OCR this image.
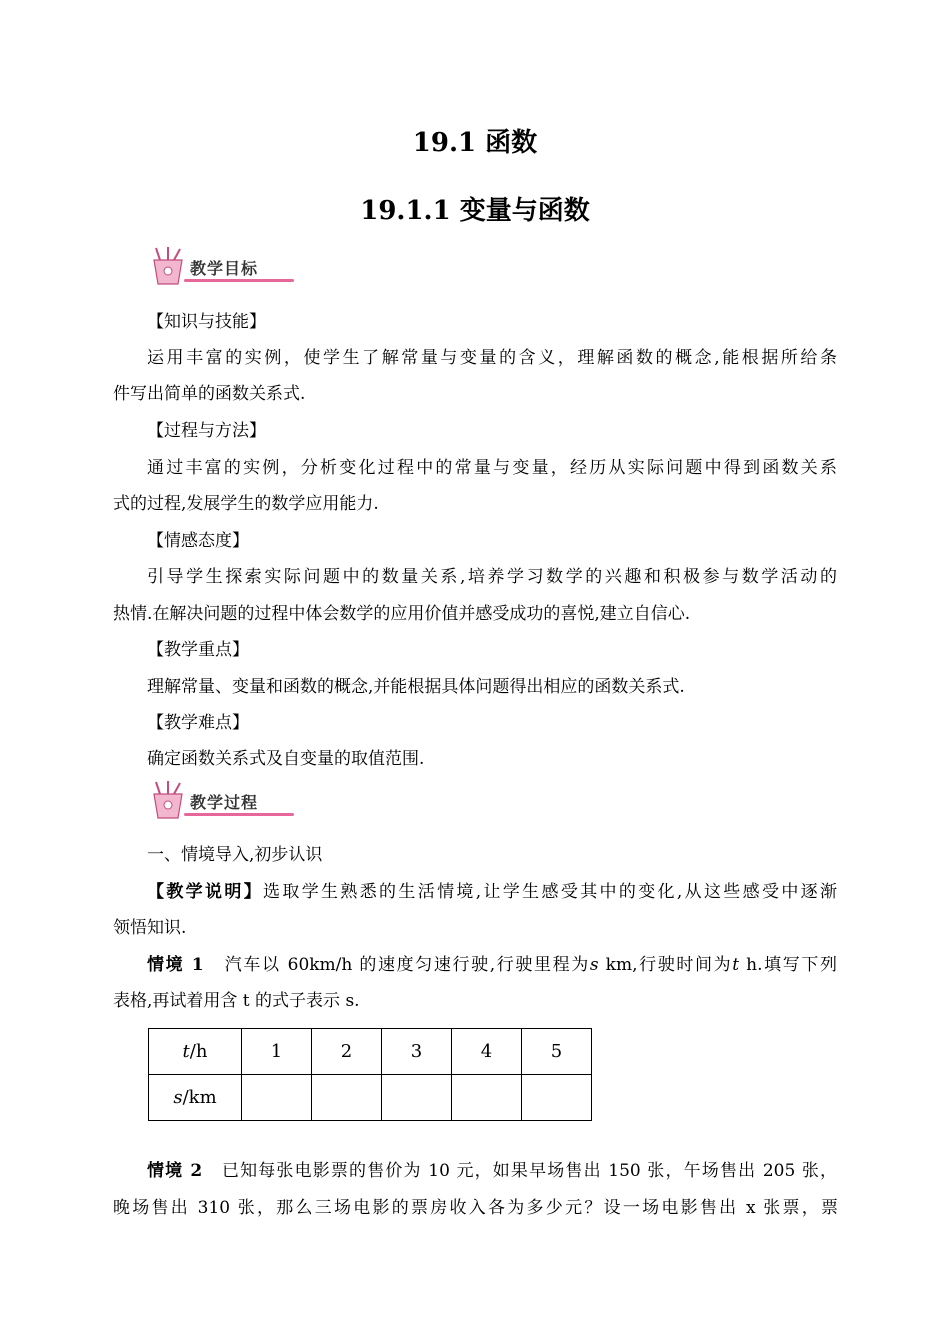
19.1 函数
19.1.1 变量与函数
教学目标
【知识与技能】
运用丰富的实例，使学生了解常量与变量的含义，理解函数的概念,能根据所给条
件写出简单的函数关系式.
【过程与方法】
通过丰富的实例，分析变化过程中的常量与变量，经历从实际问题中得到函数关系
式的过程,发展学生的数学应用能力.
【情感态度】
引导学生探索实际问题中的数量关系,培养学习数学的兴趣和积极参与数学活动的
热情.在解决问题的过程中体会数学的应用价值并感受成功的喜悦,建立自信心.
【教学重点】
理解常量、变量和函数的概念,并能根据具体问题得出相应的函数关系式.
【教学难点】
确定函数关系式及自变量的取值范围.
教学过程
一、情境导入,初步认识
【教学说明】选取学生熟悉的生活情境,让学生感受其中的变化,从这些感受中逐渐
领悟知识.
情境 1 汽车以 60km/h 的速度匀速行驶,行驶里程为s km,行驶时间为t h.填写下列
表格,再试着用含 t 的式子表示 s.
t/h	1	2	3	4	5
s/km					
情境 2 已知每张电影票的售价为 10 元，如果早场售出 150 张，午场售出 205 张，
晚场售出 310 张，那么三场电影的票房收入各为多少元？设一场电影售出 x 张票，票
